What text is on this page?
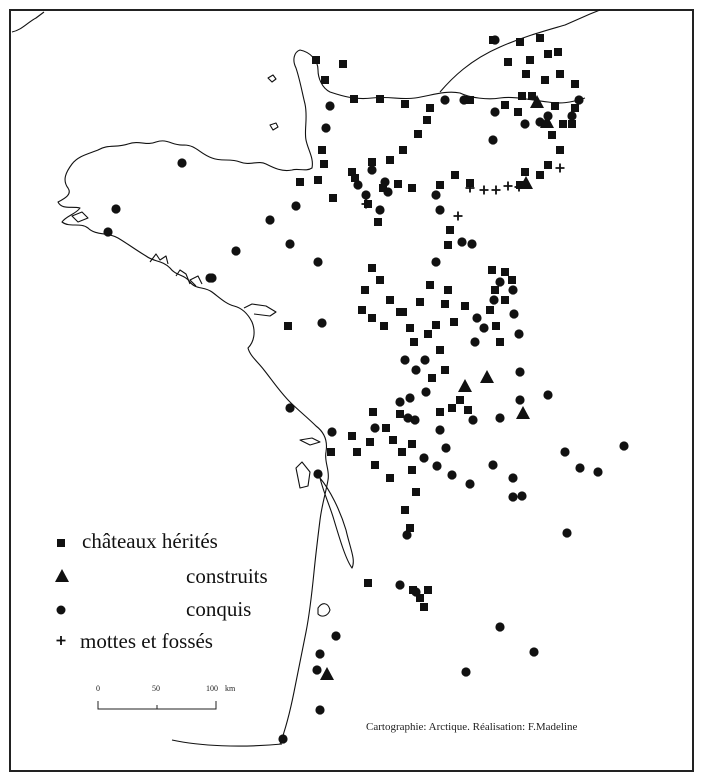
châteaux hérités
construits
conquis
mottes et fossés
0	50	100 km
Cartographie: Arctique. Réalisation: F.Madeline
